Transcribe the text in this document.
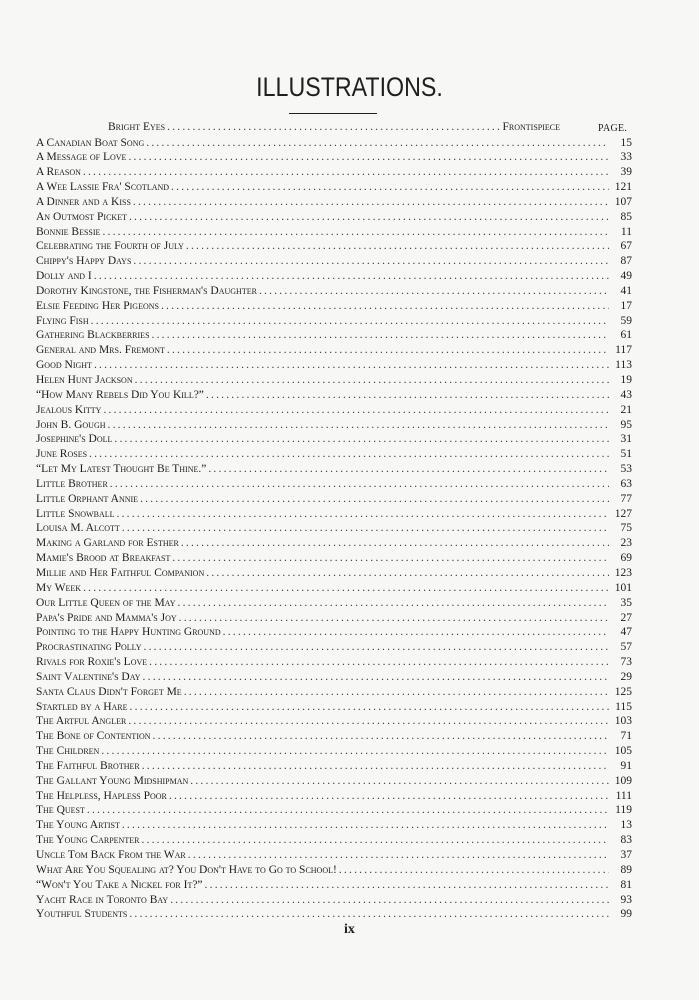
ILLUSTRATIONS.
Bright Eyes .....	Frontispiece	PAGE.
A Canadian Boat Song .....	15
A Message of Love .....	33
A Reason .....	39
A Wee Lassie Fra' Scotland .....	121
A Dinner and a Kiss .....	107
An Outmost Picket .....	85
Bonnie Bessie .....	11
Celebrating the Fourth of July .....	67
Chippy's Happy Days .....	87
Dolly and I .....	49
Dorothy Kingstone, the Fisherman's Daughter .....	41
Elsie Feeding Her Pigeons .....	17
Flying Fish .....	59
Gathering Blackberries .....	61
General and Mrs. Fremont .....	117
Good Night .....	113
Helen Hunt Jackson .....	19
“How Many Rebels Did You Kill?” .....	43
Jealous Kitty .....	21
John B. Gough .....	95
Josephine's Doll .....	31
June Roses .....	51
“Let My Latest Thought Be Thine.” .....	53
Little Brother .....	63
Little Orphant Annie .....	77
Little Snowball .....	127
Louisa M. Alcott .....	75
Making a Garland for Esther .....	23
Mamie's Brood at Breakfast .....	69
Millie and Her Faithful Companion .....	123
My Week .....	101
Our Little Queen of the May .....	35
Papa's Pride and Mamma's Joy .....	27
Pointing to the Happy Hunting Ground .....	47
Procrastinating Polly .....	57
Rivals for Roxie's Love .....	73
Saint Valentine's Day .....	29
Santa Claus Didn't Forget Me .....	125
Startled by a Hare .....	115
The Artful Angler .....	103
The Bone of Contention .....	71
The Children .....	105
The Faithful Brother .....	91
The Gallant Young Midshipman .....	109
The Helpless, Hapless Poor .....	111
The Quest .....	119
The Young Artist .....	13
The Young Carpenter .....	83
Uncle Tom Back From the War .....	37
What Are You Squealing at? You Don't Have to Go to School! .....	89
“Won't You Take a Nickel for It?” .....	81
Yacht Race in Toronto Bay .....	93
Youthful Students .....	99
ix
